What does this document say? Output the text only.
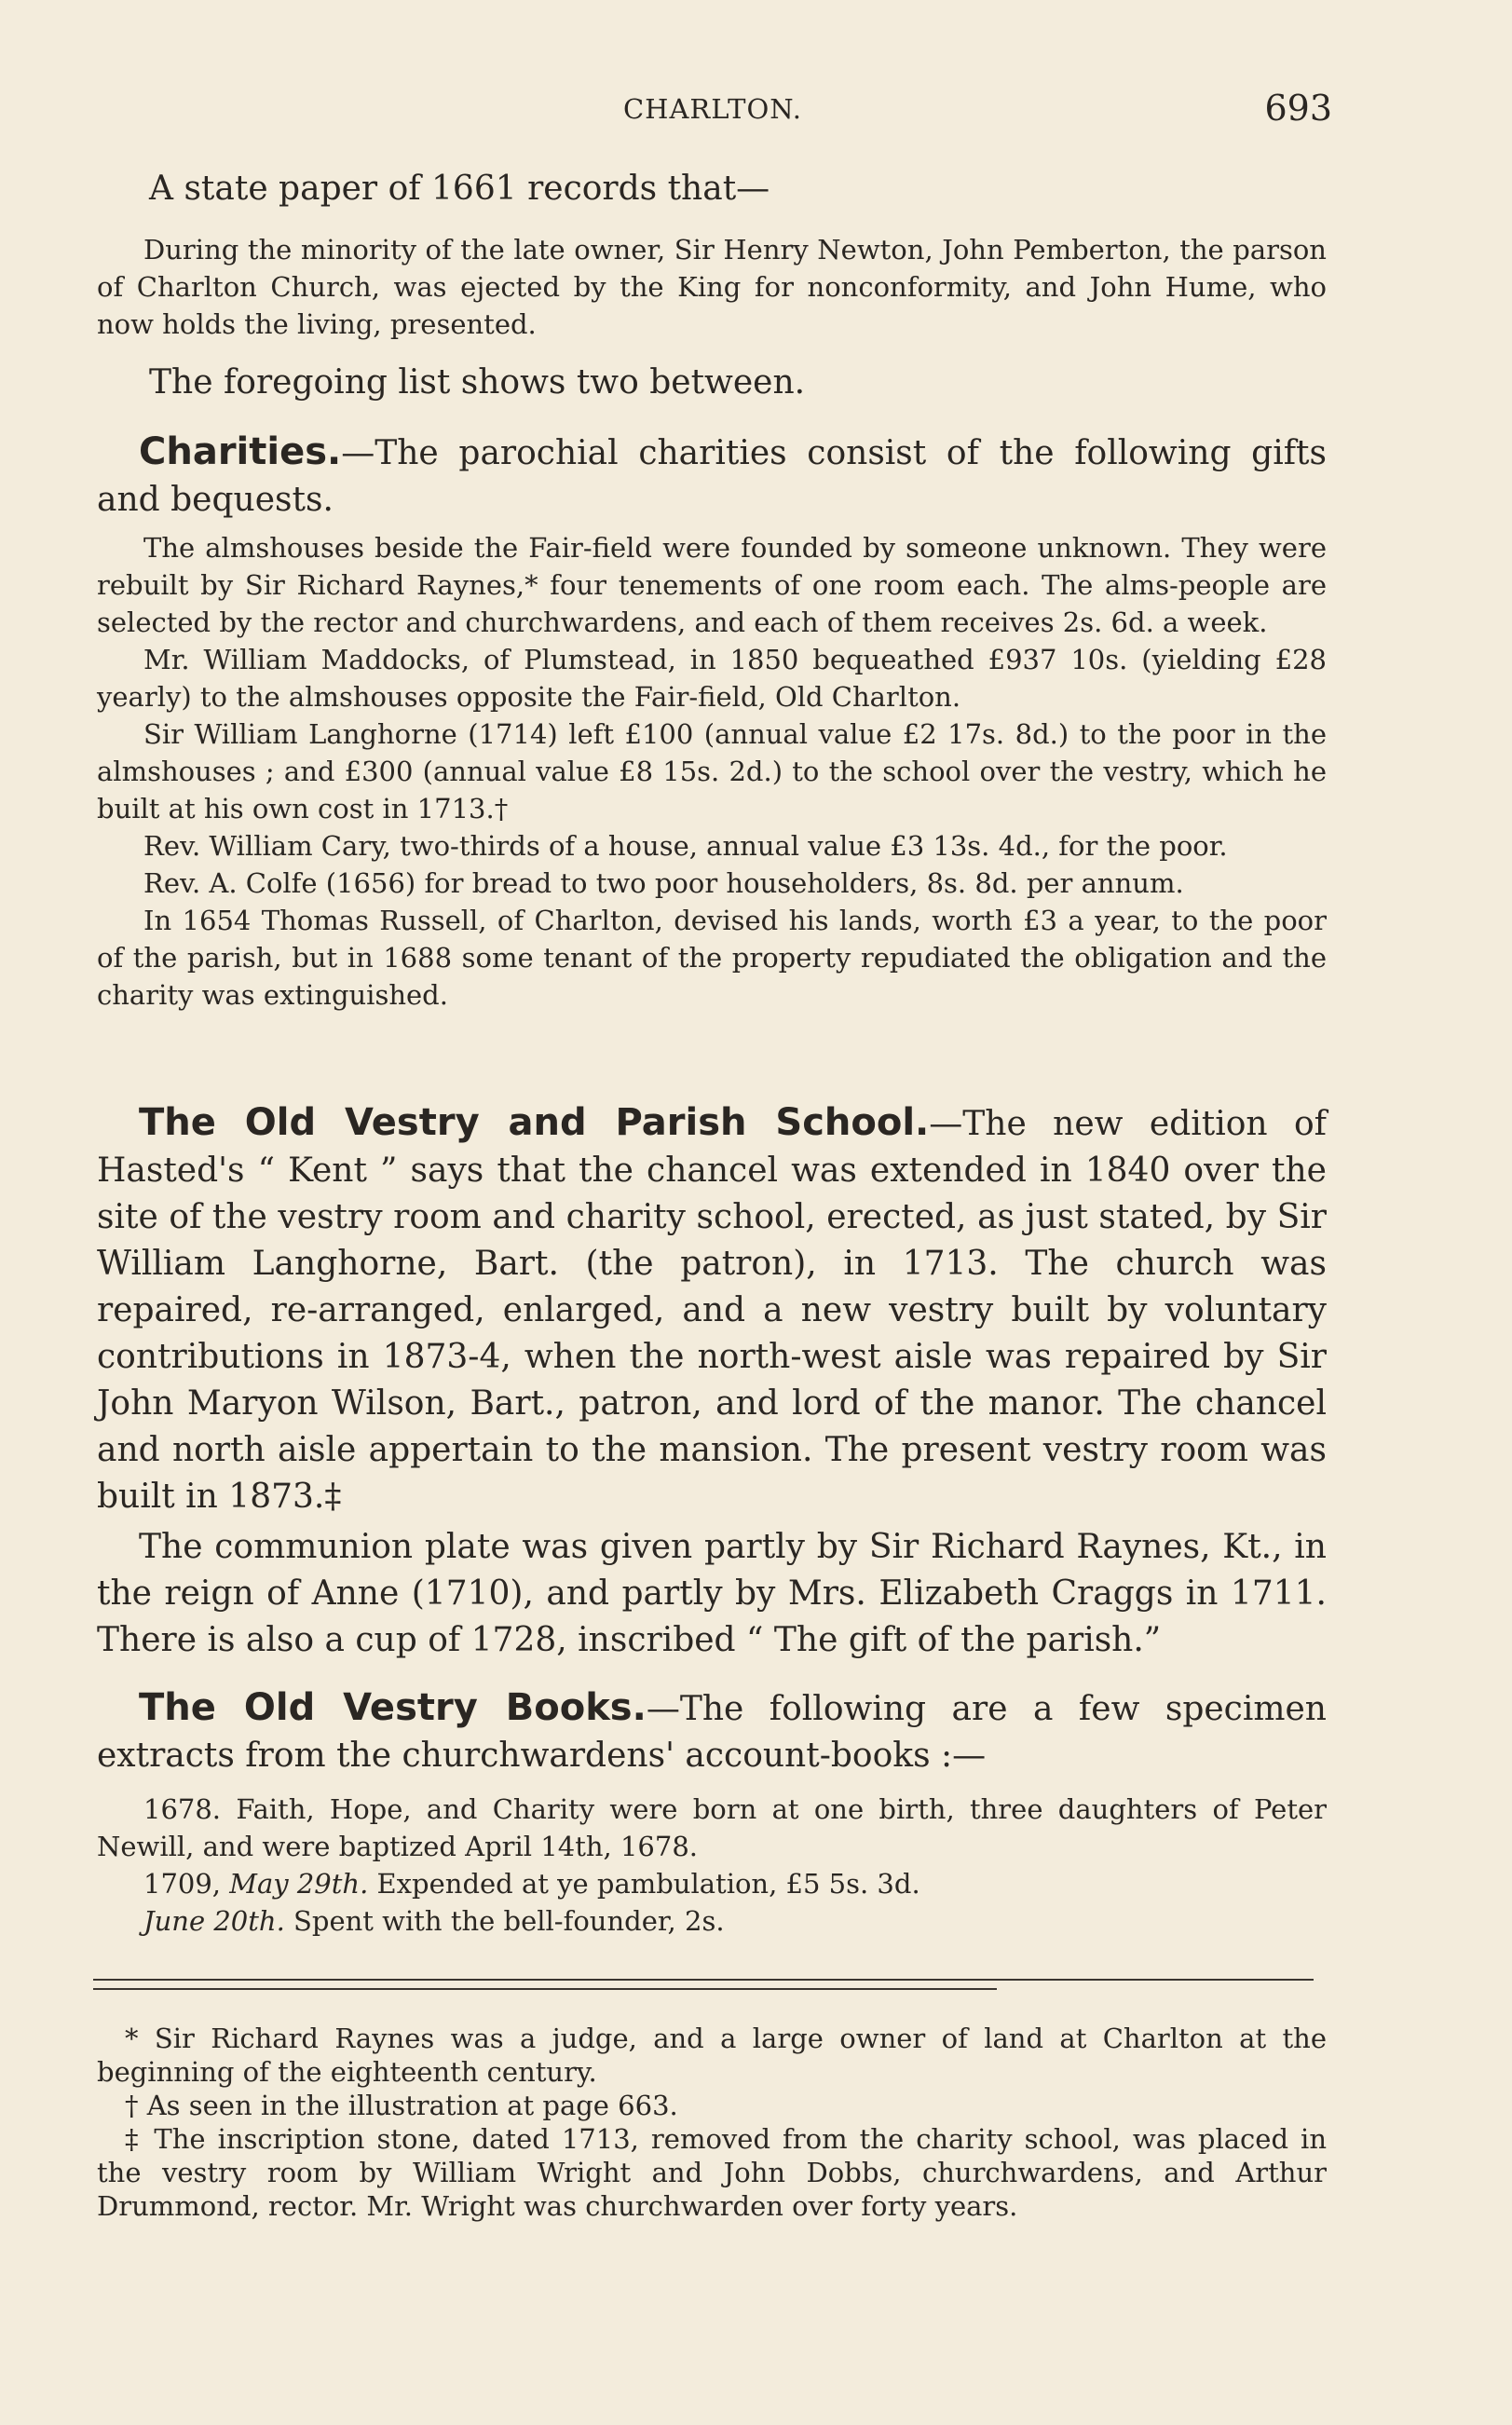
CHARLTON.	693

A state paper of 1661 records that—

During the minority of the late owner, Sir Henry Newton, John Pemberton, the parson of Charlton Church, was ejected by the King for nonconformity, and John Hume, who now holds the living, presented.

The foregoing list shows two between.

Charities.—The parochial charities consist of the following gifts and bequests.

The almshouses beside the Fair-field were founded by someone unknown. They were rebuilt by Sir Richard Raynes,* four tenements of one room each. The alms-people are selected by the rector and churchwardens, and each of them receives 2s. 6d. a week.

Mr. William Maddocks, of Plumstead, in 1850 bequeathed £937 10s. (yielding £28 yearly) to the almshouses opposite the Fair-field, Old Charlton.

Sir William Langhorne (1714) left £100 (annual value £2 17s. 8d.) to the poor in the almshouses ; and £300 (annual value £8 15s. 2d.) to the school over the vestry, which he built at his own cost in 1713.†

Rev. William Cary, two-thirds of a house, annual value £3 13s. 4d., for the poor.

Rev. A. Colfe (1656) for bread to two poor householders, 8s. 8d. per annum.

In 1654 Thomas Russell, of Charlton, devised his lands, worth £3 a year, to the poor of the parish, but in 1688 some tenant of the property repudiated the obligation and the charity was extinguished.

The Old Vestry and Parish School.—The new edition of Hasted's “ Kent ” says that the chancel was extended in 1840 over the site of the vestry room and charity school, erected, as just stated, by Sir William Langhorne, Bart. (the patron), in 1713. The church was repaired, re-arranged, enlarged, and a new vestry built by voluntary contributions in 1873-4, when the north-west aisle was repaired by Sir John Maryon Wilson, Bart., patron, and lord of the manor. The chancel and north aisle appertain to the mansion. The present vestry room was built in 1873.‡

The communion plate was given partly by Sir Richard Raynes, Kt., in the reign of Anne (1710), and partly by Mrs. Elizabeth Craggs in 1711. There is also a cup of 1728, inscribed “ The gift of the parish.”

The Old Vestry Books.—The following are a few specimen extracts from the churchwardens' account-books :—

1678. Faith, Hope, and Charity were born at one birth, three daughters of Peter Newill, and were baptized April 14th, 1678.

1709, May 29th. Expended at ye pambulation, £5 5s. 3d.

June 20th. Spent with the bell-founder, 2s.

* Sir Richard Raynes was a judge, and a large owner of land at Charlton at the beginning of the eighteenth century.

† As seen in the illustration at page 663.

‡ The inscription stone, dated 1713, removed from the charity school, was placed in the vestry room by William Wright and John Dobbs, churchwardens, and Arthur Drummond, rector. Mr. Wright was churchwarden over forty years.
